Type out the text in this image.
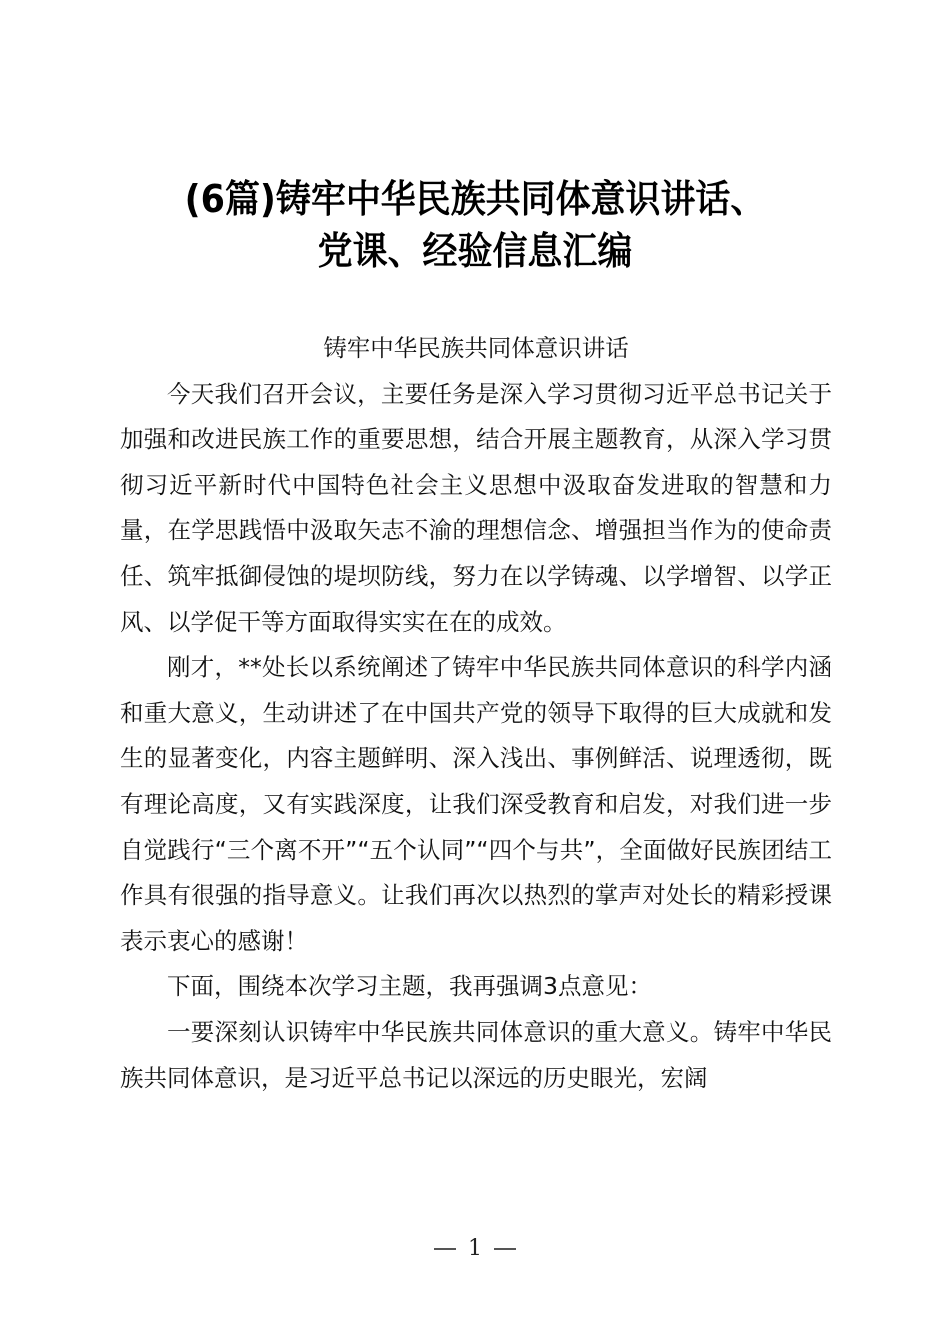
(6篇)铸牢中华民族共同体意识讲话、
党课、经验信息汇编
铸牢中华民族共同体意识讲话

今天我们召开会议，主要任务是深入学习贯彻习近平总书记关于加强和改进民族工作的重要思想，结合开展主题教育，从深入学习贯彻习近平新时代中国特色社会主义思想中汲取奋发进取的智慧和力量，在学思践悟中汲取矢志不渝的理想信念、增强担当作为的使命责任、筑牢抵御侵蚀的堤坝防线，努力在以学铸魂、以学增智、以学正风、以学促干等方面取得实实在在的成效。

刚才，**处长以系统阐述了铸牢中华民族共同体意识的科学内涵和重大意义，生动讲述了在中国共产党的领导下取得的巨大成就和发生的显著变化，内容主题鲜明、深入浅出、事例鲜活、说理透彻，既有理论高度，又有实践深度，让我们深受教育和启发，对我们进一步自觉践行“三个离不开”“五个认同”“四个与共”，全面做好民族团结工作具有很强的指导意义。让我们再次以热烈的掌声对处长的精彩授课表示衷心的感谢！

下面，围绕本次学习主题，我再强调3点意见：

一要深刻认识铸牢中华民族共同体意识的重大意义。铸牢中华民族共同体意识，是习近平总书记以深远的历史眼光，宏阔

1
